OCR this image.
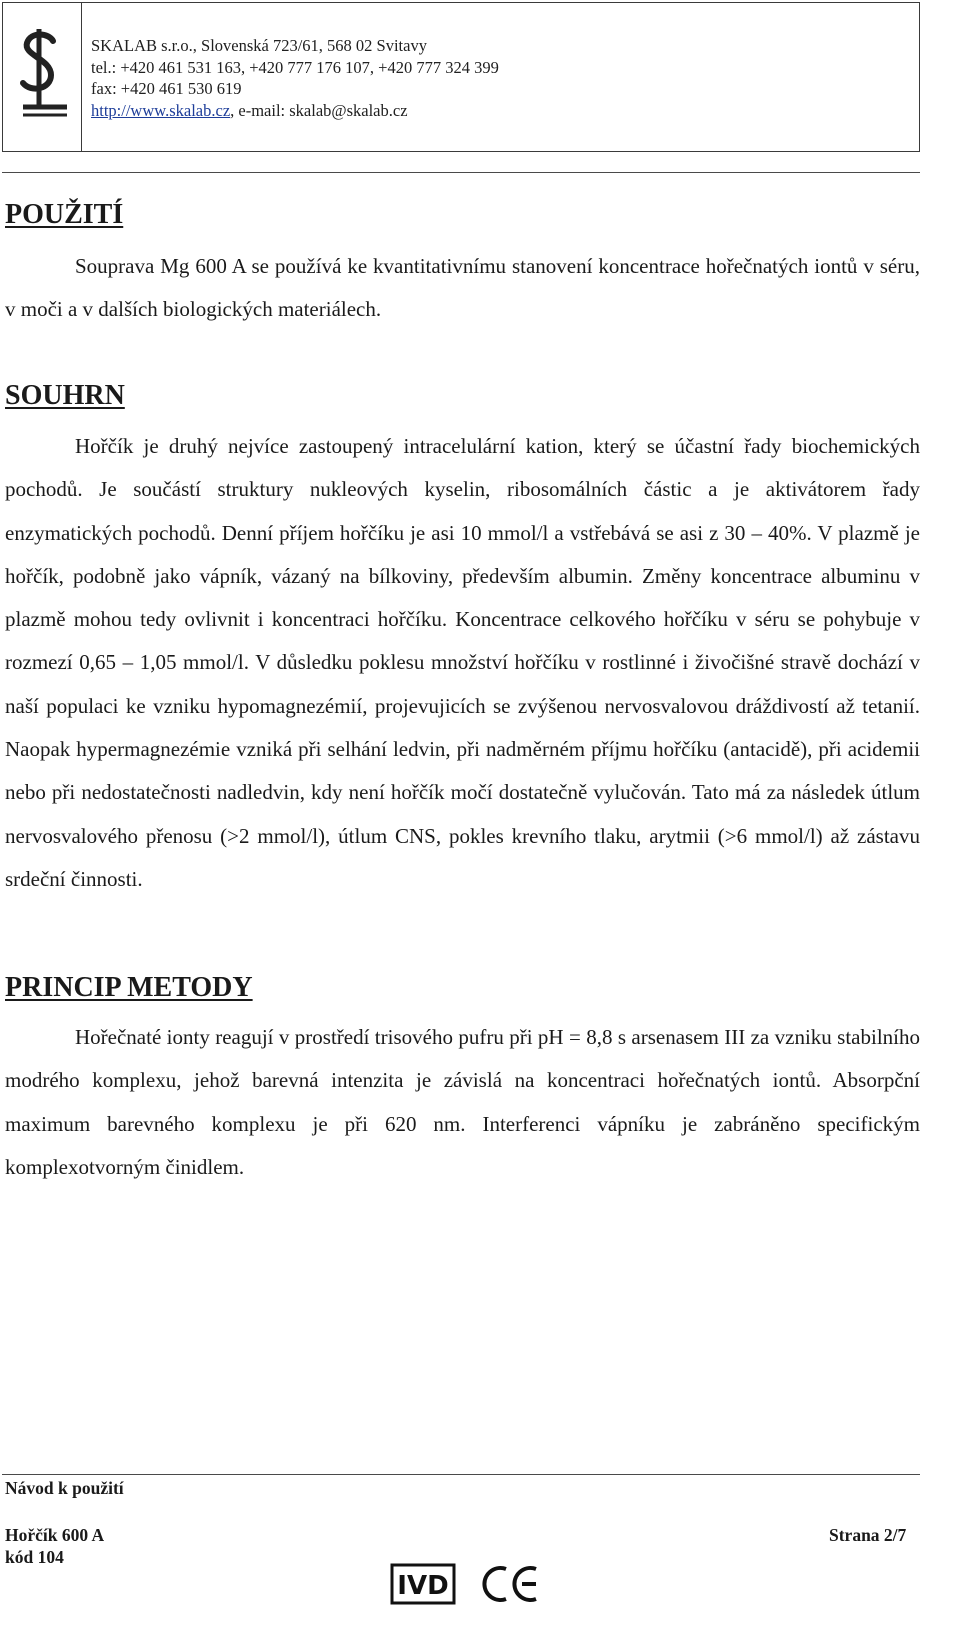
SKALAB s.r.o., Slovenská 723/61, 568 02 Svitavy
tel.: +420 461 531 163, +420 777 176 107, +420 777 324 399
fax: +420 461 530 619
http://www.skalab.cz, e-mail: skalab@skalab.cz
POUŽITÍ

Souprava Mg 600 A se používá ke kvantitativnímu stanovení koncentrace hořečnatých iontů v séru, v moči a v dalších biologických materiálech.

SOUHRN

Hořčík je druhý nejvíce zastoupený intracelulární kation, který se účastní řady biochemických pochodů. Je součástí struktury nukleových kyselin, ribosomálních částic a je aktivátorem řady enzymatických pochodů. Denní příjem hořčíku je asi 10 mmol/l a vstřebává se asi z 30 – 40%. V plazmě je hořčík, podobně jako vápník, vázaný na bílkoviny, především albumin. Změny koncentrace albuminu v plazmě mohou tedy ovlivnit i koncentraci hořčíku. Koncentrace celkového hořčíku v séru se pohybuje v rozmezí 0,65 – 1,05 mmol/l. V důsledku poklesu množství hořčíku v rostlinné i živočišné stravě dochází v naší populaci ke vzniku hypomagnezémií, projevujicích se zvýšenou nervosvalovou dráždivostí až tetanií. Naopak hypermagnezémie vzniká při selhání ledvin, při nadměrném příjmu hořčíku (antacidě), při acidemii nebo při nedostatečnosti nadledvin, kdy není hořčík močí dostatečně vylučován. Tato má za následek útlum nervosvalového přenosu (>2 mmol/l), útlum CNS, pokles krevního tlaku, arytmii (>6 mmol/l) až zástavu srdeční činnosti.

PRINCIP METODY

Hořečnaté ionty reagují v prostředí trisového pufru při pH = 8,8 s arsenasem III za vzniku stabilního modrého komplexu, jehož barevná intenzita je závislá na koncentraci hořečnatých iontů. Absorpční maximum barevného komplexu je při 620 nm. Interferenci vápníku je zabráněno specifickým komplexotvorným činidlem.

Návod k použití
Hořčík 600 A
kód 104
Strana 2/7
IVD
